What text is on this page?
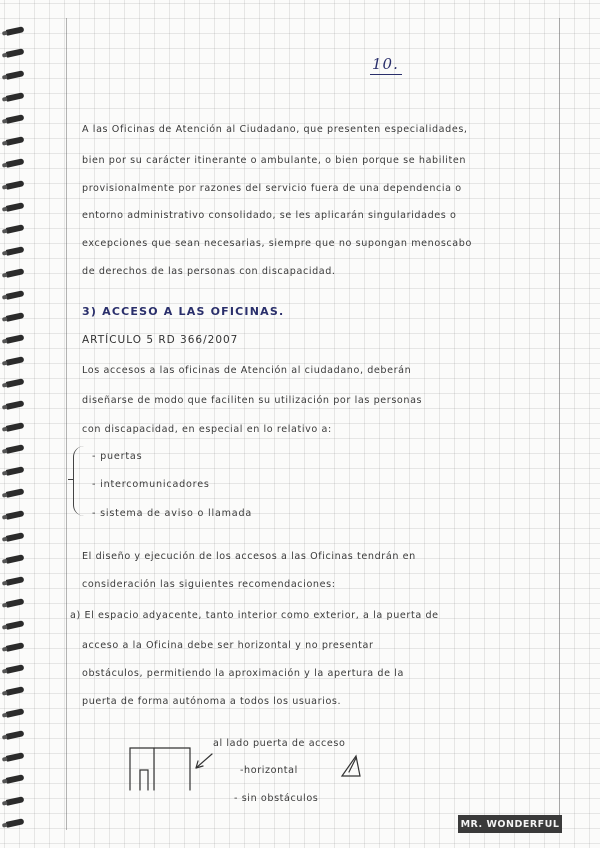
10.

A las Oficinas de Atención al Ciudadano, que presenten especialidades,

bien por su carácter itinerante o ambulante, o bien porque se habiliten

provisionalmente por razones del servicio fuera de una dependencia o

entorno administrativo consolidado, se les aplicarán singularidades o

excepciones que sean necesarias, siempre que no supongan menoscabo

de derechos de las personas con discapacidad.

3) ACCESO A LAS OFICINAS.

ARTÍCULO 5 RD 366/2007

Los accesos a las oficinas de Atención al ciudadano, deberán

diseñarse de modo que faciliten su utilización por las personas

con discapacidad, en especial en lo relativo a:

- puertas

- intercomunicadores

- sistema de aviso o llamada

El diseño y ejecución de los accesos a las Oficinas tendrán en

consideración las siguientes recomendaciones:

a) El espacio adyacente, tanto interior como exterior, a la puerta de

acceso a la Oficina debe ser horizontal y no presentar

obstáculos, permitiendo la aproximación y la apertura de la

puerta de forma autónoma a todos los usuarios.

al lado puerta de acceso

-horizontal

- sin obstáculos

MR. WONDERFUL
